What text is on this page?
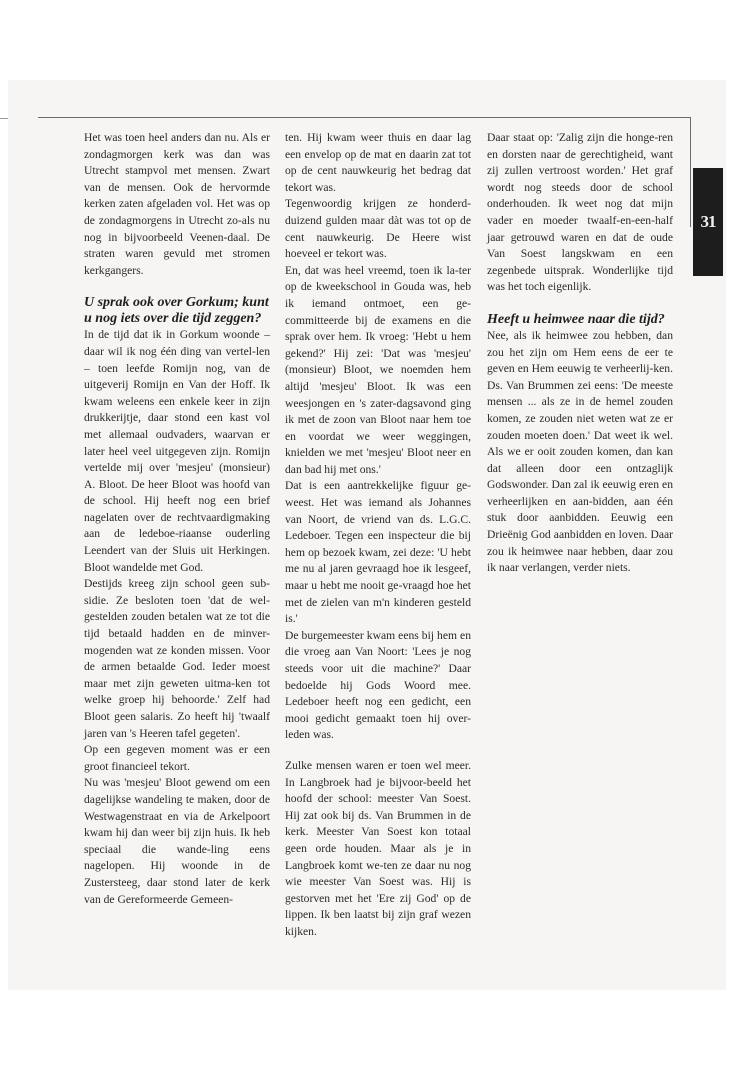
31

Het was toen heel anders dan nu. Als er zondagmorgen kerk was dan was Utrecht stampvol met mensen. Zwart van de mensen. Ook de hervormde kerken zaten afgeladen vol. Het was op de zondagmorgens in Utrecht zo-als nu nog in bijvoorbeeld Veenen-daal. De straten waren gevuld met stromen kerkgangers.

U sprak ook over Gorkum; kunt u nog iets over die tijd zeggen?

In de tijd dat ik in Gorkum woonde – daar wil ik nog één ding van vertel-len – toen leefde Romijn nog, van de uitgeverij Romijn en Van der Hoff. Ik kwam weleens een enkele keer in zijn drukkerijtje, daar stond een kast vol met allemaal oudvaders, waarvan er later heel veel uitgegeven zijn. Romijn vertelde mij over 'mesjeu' (monsieur) A. Bloot. De heer Bloot was hoofd van de school. Hij heeft nog een brief nagelaten over de rechtvaardigmaking aan de ledeboe-riaanse ouderling Leendert van der Sluis uit Herkingen. Bloot wandelde met God.

Destijds kreeg zijn school geen sub-sidie. Ze besloten toen 'dat de wel-gestelden zouden betalen wat ze tot die tijd betaald hadden en de minver-mogenden wat ze konden missen. Voor de armen betaalde God. Ieder moest maar met zijn geweten uitma-ken tot welke groep hij behoorde.' Zelf had Bloot geen salaris. Zo heeft hij 'twaalf jaren van 's Heeren tafel gegeten'.

Op een gegeven moment was er een groot financieel tekort.

Nu was 'mesjeu' Bloot gewend om een dagelijkse wandeling te maken, door de Westwagenstraat en via de Arkelpoort kwam hij dan weer bij zijn huis. Ik heb speciaal die wande-ling eens nagelopen. Hij woonde in de Zustersteeg, daar stond later de kerk van de Gereformeerde Gemeen-

ten. Hij kwam weer thuis en daar lag een envelop op de mat en daarin zat tot op de cent nauwkeurig het bedrag dat tekort was.

Tegenwoordig krijgen ze honderd-duizend gulden maar dàt was tot op de cent nauwkeurig. De Heere wist hoeveel er tekort was.

En, dat was heel vreemd, toen ik la-ter op de kweekschool in Gouda was, heb ik iemand ontmoet, een ge-committeerde bij de examens en die sprak over hem. Ik vroeg: 'Hebt u hem gekend?' Hij zei: 'Dat was 'mesjeu' (monsieur) Bloot, we noemden hem altijd 'mesjeu' Bloot. Ik was een weesjongen en 's zater-dagsavond ging ik met de zoon van Bloot naar hem toe en voordat we weer weggingen, knielden we met 'mesjeu' Bloot neer en dan bad hij met ons.'

Dat is een aantrekkelijke figuur ge-weest. Het was iemand als Johannes van Noort, de vriend van ds. L.G.C. Ledeboer. Tegen een inspecteur die bij hem op bezoek kwam, zei deze: 'U hebt me nu al jaren gevraagd hoe ik lesgeef, maar u hebt me nooit ge-vraagd hoe het met de zielen van m'n kinderen gesteld is.'

De burgemeester kwam eens bij hem en die vroeg aan Van Noort: 'Lees je nog steeds voor uit die machine?' Daar bedoelde hij Gods Woord mee. Ledeboer heeft nog een gedicht, een mooi gedicht gemaakt toen hij over-leden was.

Zulke mensen waren er toen wel meer. In Langbroek had je bijvoor-beeld het hoofd der school: meester Van Soest. Hij zat ook bij ds. Van Brummen in de kerk. Meester Van Soest kon totaal geen orde houden. Maar als je in Langbroek komt we-ten ze daar nu nog wie meester Van Soest was. Hij is gestorven met het 'Ere zij God' op de lippen. Ik ben laatst bij zijn graf wezen kijken.

Daar staat op: 'Zalig zijn die honge-ren en dorsten naar de gerechtigheid, want zij zullen vertroost worden.' Het graf wordt nog steeds door de school onderhouden. Ik weet nog dat mijn vader en moeder twaalf-en-een-half jaar getrouwd waren en dat de oude Van Soest langskwam en een zegenbede uitsprak. Wonderlijke tijd was het toch eigenlijk.

Heeft u heimwee naar die tijd?

Nee, als ik heimwee zou hebben, dan zou het zijn om Hem eens de eer te geven en Hem eeuwig te verheerlij-ken. Ds. Van Brummen zei eens: 'De meeste mensen ... als ze in de hemel zouden komen, ze zouden niet weten wat ze er zouden moeten doen.' Dat weet ik wel. Als we er ooit zouden komen, dan kan dat alleen door een ontzaglijk Godswonder. Dan zal ik eeuwig eren en verheerlijken en aan-bidden, aan één stuk door aanbidden. Eeuwig een Drieënig God aanbidden en loven. Daar zou ik heimwee naar hebben, daar zou ik naar verlangen, verder niets.
